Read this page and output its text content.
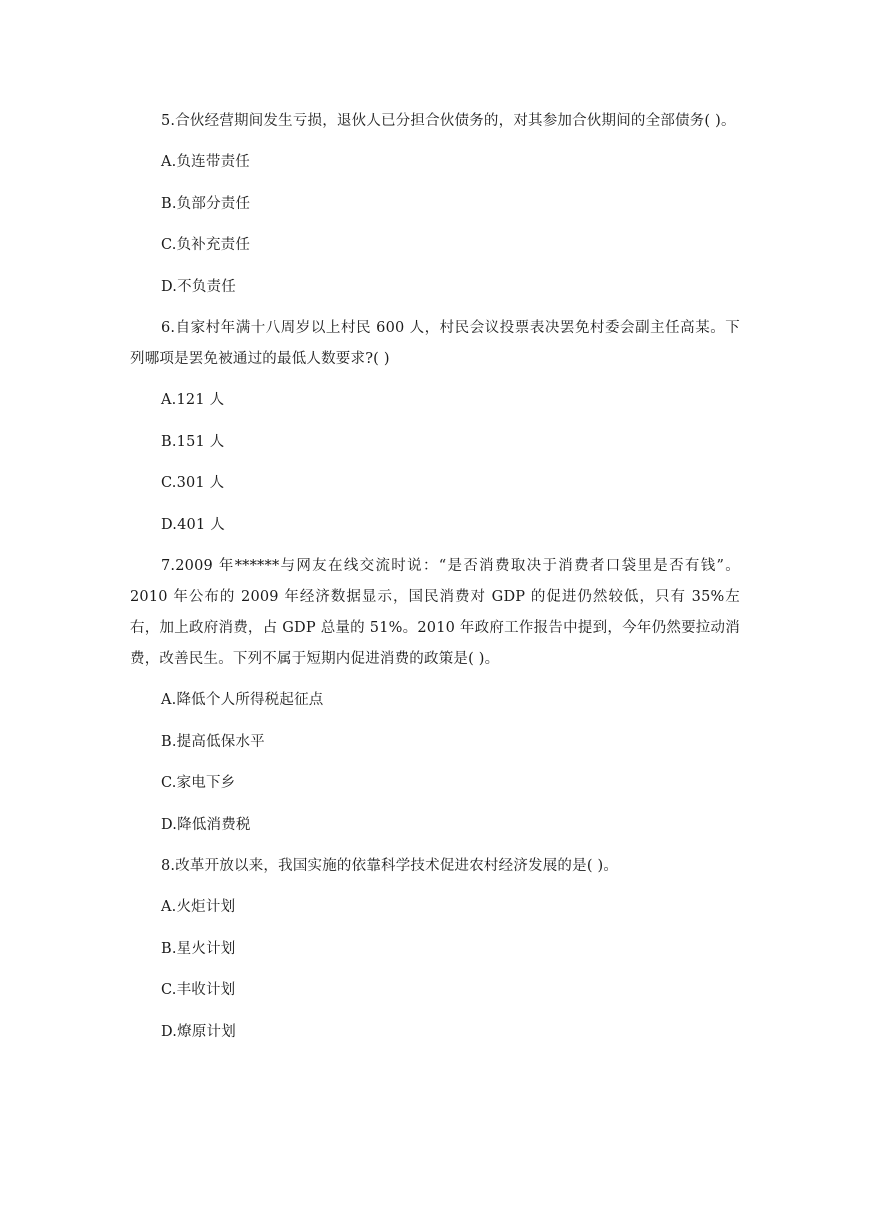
5.合伙经营期间发生亏损，退伙人已分担合伙债务的，对其参加合伙期间的全部债务( )。

A.负连带责任
B.负部分责任
C.负补充责任
D.不负责任

6.自家村年满十八周岁以上村民 600 人，村民会议投票表决罢免村委会副主任高某。下列哪项是罢免被通过的最低人数要求?( )

A.121 人
B.151 人
C.301 人
D.401 人

7.2009 年******与网友在线交流时说：“是否消费取决于消费者口袋里是否有钱”。2010 年公布的 2009 年经济数据显示，国民消费对 GDP 的促进仍然较低，只有 35%左右，加上政府消费，占 GDP 总量的 51%。2010 年政府工作报告中提到，今年仍然要拉动消费，改善民生。下列不属于短期内促进消费的政策是( )。

A.降低个人所得税起征点
B.提高低保水平
C.家电下乡
D.降低消费税

8.改革开放以来，我国实施的依靠科学技术促进农村经济发展的是( )。

A.火炬计划
B.星火计划
C.丰收计划
D.燎原计划
